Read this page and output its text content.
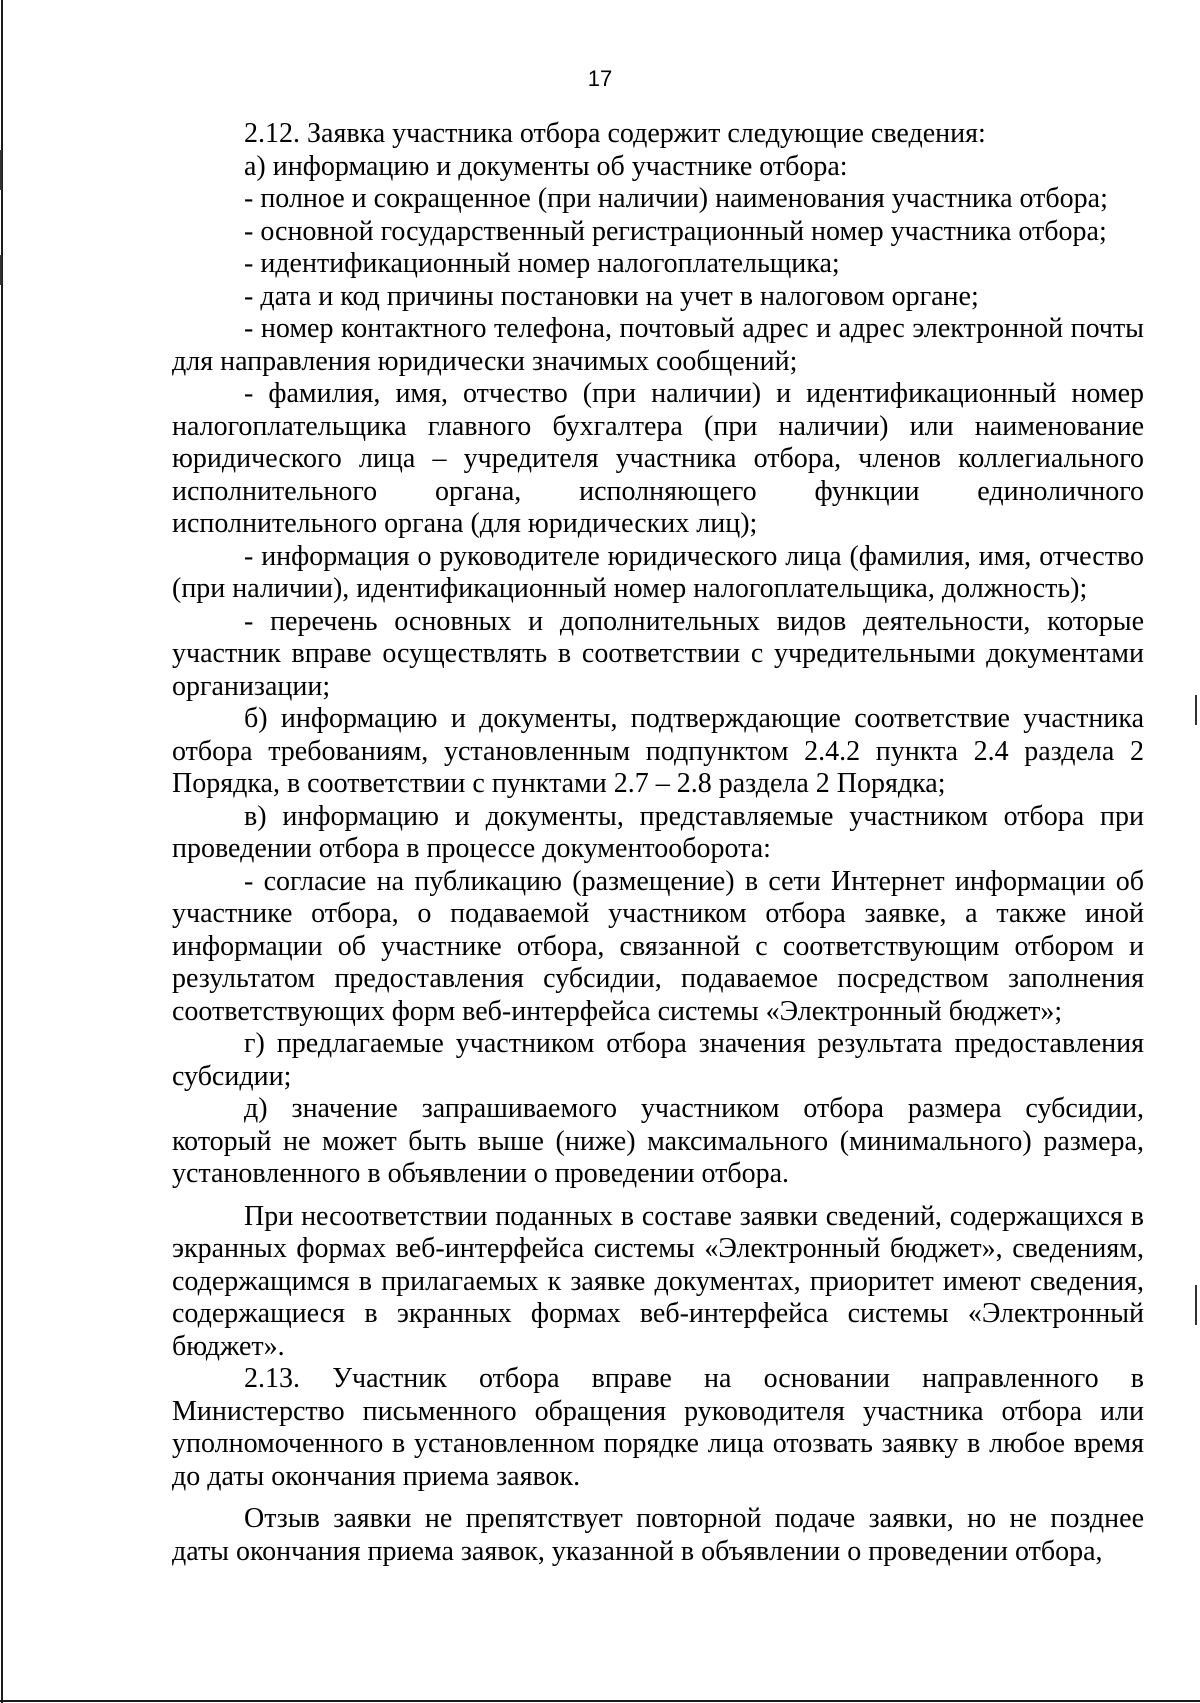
17

2.12. Заявка участника отбора содержит следующие сведения:

а) информацию и документы об участнике отбора:

- полное и сокращенное (при наличии) наименования участника отбора;

- основной государственный регистрационный номер участника отбора;

- идентификационный номер налогоплательщика;

- дата и код причины постановки на учет в налоговом органе;

- номер контактного телефона, почтовый адрес и адрес электронной почты для направления юридически значимых сообщений;

- фамилия, имя, отчество (при наличии) и идентификационный номер налогоплательщика главного бухгалтера (при наличии) или наименование юридического лица – учредителя участника отбора, членов коллегиального исполнительного органа, исполняющего функции единоличного исполнительного органа (для юридических лиц);

- информация о руководителе юридического лица (фамилия, имя, отчество (при наличии), идентификационный номер налогоплательщика, должность);

- перечень основных и дополнительных видов деятельности, которые участник вправе осуществлять в соответствии с учредительными документами организации;

б) информацию и документы, подтверждающие соответствие участника отбора требованиям, установленным подпунктом 2.4.2 пункта 2.4 раздела 2 Порядка, в соответствии с пунктами 2.7 – 2.8 раздела 2 Порядка;

в) информацию и документы, представляемые участником отбора при проведении отбора в процессе документооборота:

- согласие на публикацию (размещение) в сети Интернет информации об участнике отбора, о подаваемой участником отбора заявке, а также иной информации об участнике отбора, связанной с соответствующим отбором и результатом предоставления субсидии, подаваемое посредством заполнения соответствующих форм веб-интерфейса системы «Электронный бюджет»;

г) предлагаемые участником отбора значения результата предоставления субсидии;

д) значение запрашиваемого участником отбора размера субсидии, который не может быть выше (ниже) максимального (минимального) размера, установленного в объявлении о проведении отбора.

При несоответствии поданных в составе заявки сведений, содержащихся в экранных формах веб-интерфейса системы «Электронный бюджет», сведениям, содержащимся в прилагаемых к заявке документах, приоритет имеют сведения, содержащиеся в экранных формах веб-интерфейса системы «Электронный бюджет».

2.13. Участник отбора вправе на основании направленного в Министерство письменного обращения руководителя участника отбора или уполномоченного в установленном порядке лица отозвать заявку в любое время до даты окончания приема заявок.

Отзыв заявки не препятствует повторной подаче заявки, но не позднее даты окончания приема заявок, указанной в объявлении о проведении отбора,
